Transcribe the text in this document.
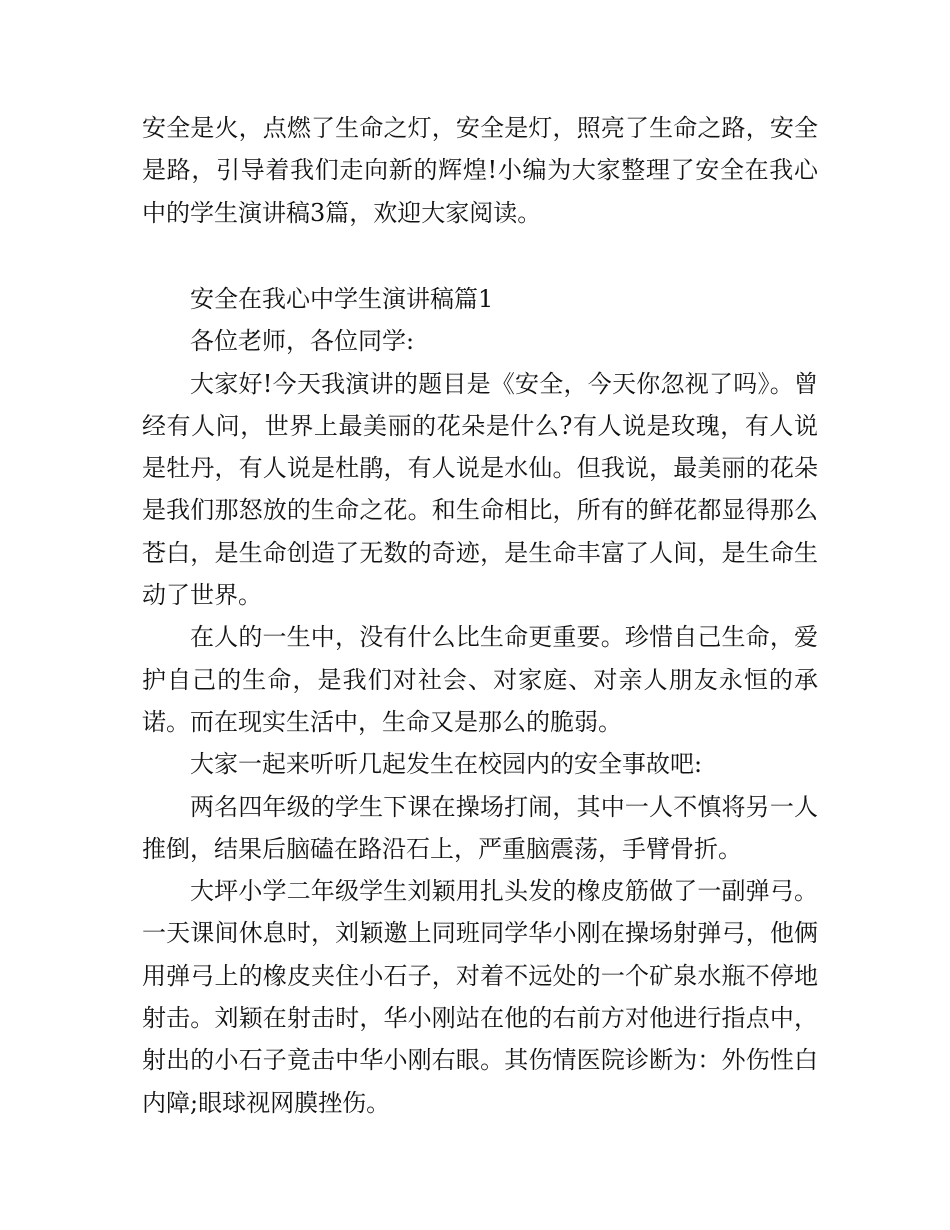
安全是火，点燃了生命之灯，安全是灯，照亮了生命之路，安全是路，引导着我们走向新的辉煌!小编为大家整理了安全在我心中的学生演讲稿3篇，欢迎大家阅读。

安全在我心中学生演讲稿篇1

各位老师，各位同学:

大家好!今天我演讲的题目是《安全，今天你忽视了吗》。曾经有人问，世界上最美丽的花朵是什么?有人说是玫瑰，有人说是牡丹，有人说是杜鹃，有人说是水仙。但我说，最美丽的花朵是我们那怒放的生命之花。和生命相比，所有的鲜花都显得那么苍白，是生命创造了无数的奇迹，是生命丰富了人间，是生命生动了世界。

在人的一生中，没有什么比生命更重要。珍惜自己生命，爱护自己的生命，是我们对社会、对家庭、对亲人朋友永恒的承诺。而在现实生活中，生命又是那么的脆弱。

大家一起来听听几起发生在校园内的安全事故吧:

两名四年级的学生下课在操场打闹，其中一人不慎将另一人推倒，结果后脑磕在路沿石上，严重脑震荡，手臂骨折。

大坪小学二年级学生刘颖用扎头发的橡皮筋做了一副弹弓。一天课间休息时，刘颖邀上同班同学华小刚在操场射弹弓，他俩用弹弓上的橡皮夹住小石子，对着不远处的一个矿泉水瓶不停地射击。刘颖在射击时，华小刚站在他的右前方对他进行指点中，射出的小石子竟击中华小刚右眼。其伤情医院诊断为：外伤性白内障;眼球视网膜挫伤。
